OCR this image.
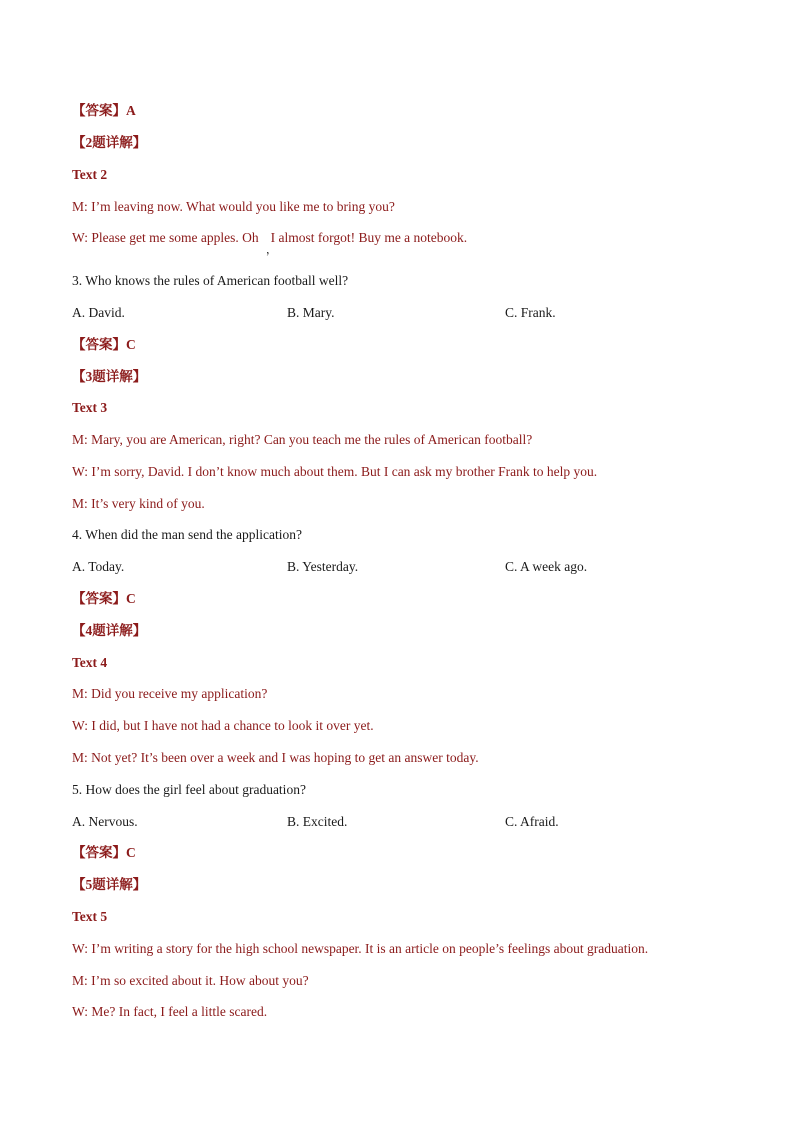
【答案】A
【2题详解】
Text 2
M: I’m leaving now. What would you like me to bring you?
W: Please get me some apples. Oh I almost forgot! Buy me a notebook.
，
3. Who knows the rules of American football well?
A. David.	B. Mary.	C. Frank.
【答案】C
【3题详解】
Text 3
M: Mary, you are American, right? Can you teach me the rules of American football?
W: I’m sorry, David. I don’t know much about them. But I can ask my brother Frank to help you.
M: It’s very kind of you.
4. When did the man send the application?
A. Today.	B. Yesterday.	C. A week ago.
【答案】C
【4题详解】
Text 4
M: Did you receive my application?
W: I did, but I have not had a chance to look it over yet.
M: Not yet? It’s been over a week and I was hoping to get an answer today.
5. How does the girl feel about graduation?
A. Nervous.	B. Excited.	C. Afraid.
【答案】C
【5题详解】
Text 5
W: I’m writing a story for the high school newspaper. It is an article on people’s feelings about graduation.
M: I’m so excited about it. How about you?
W: Me? In fact, I feel a little scared.
